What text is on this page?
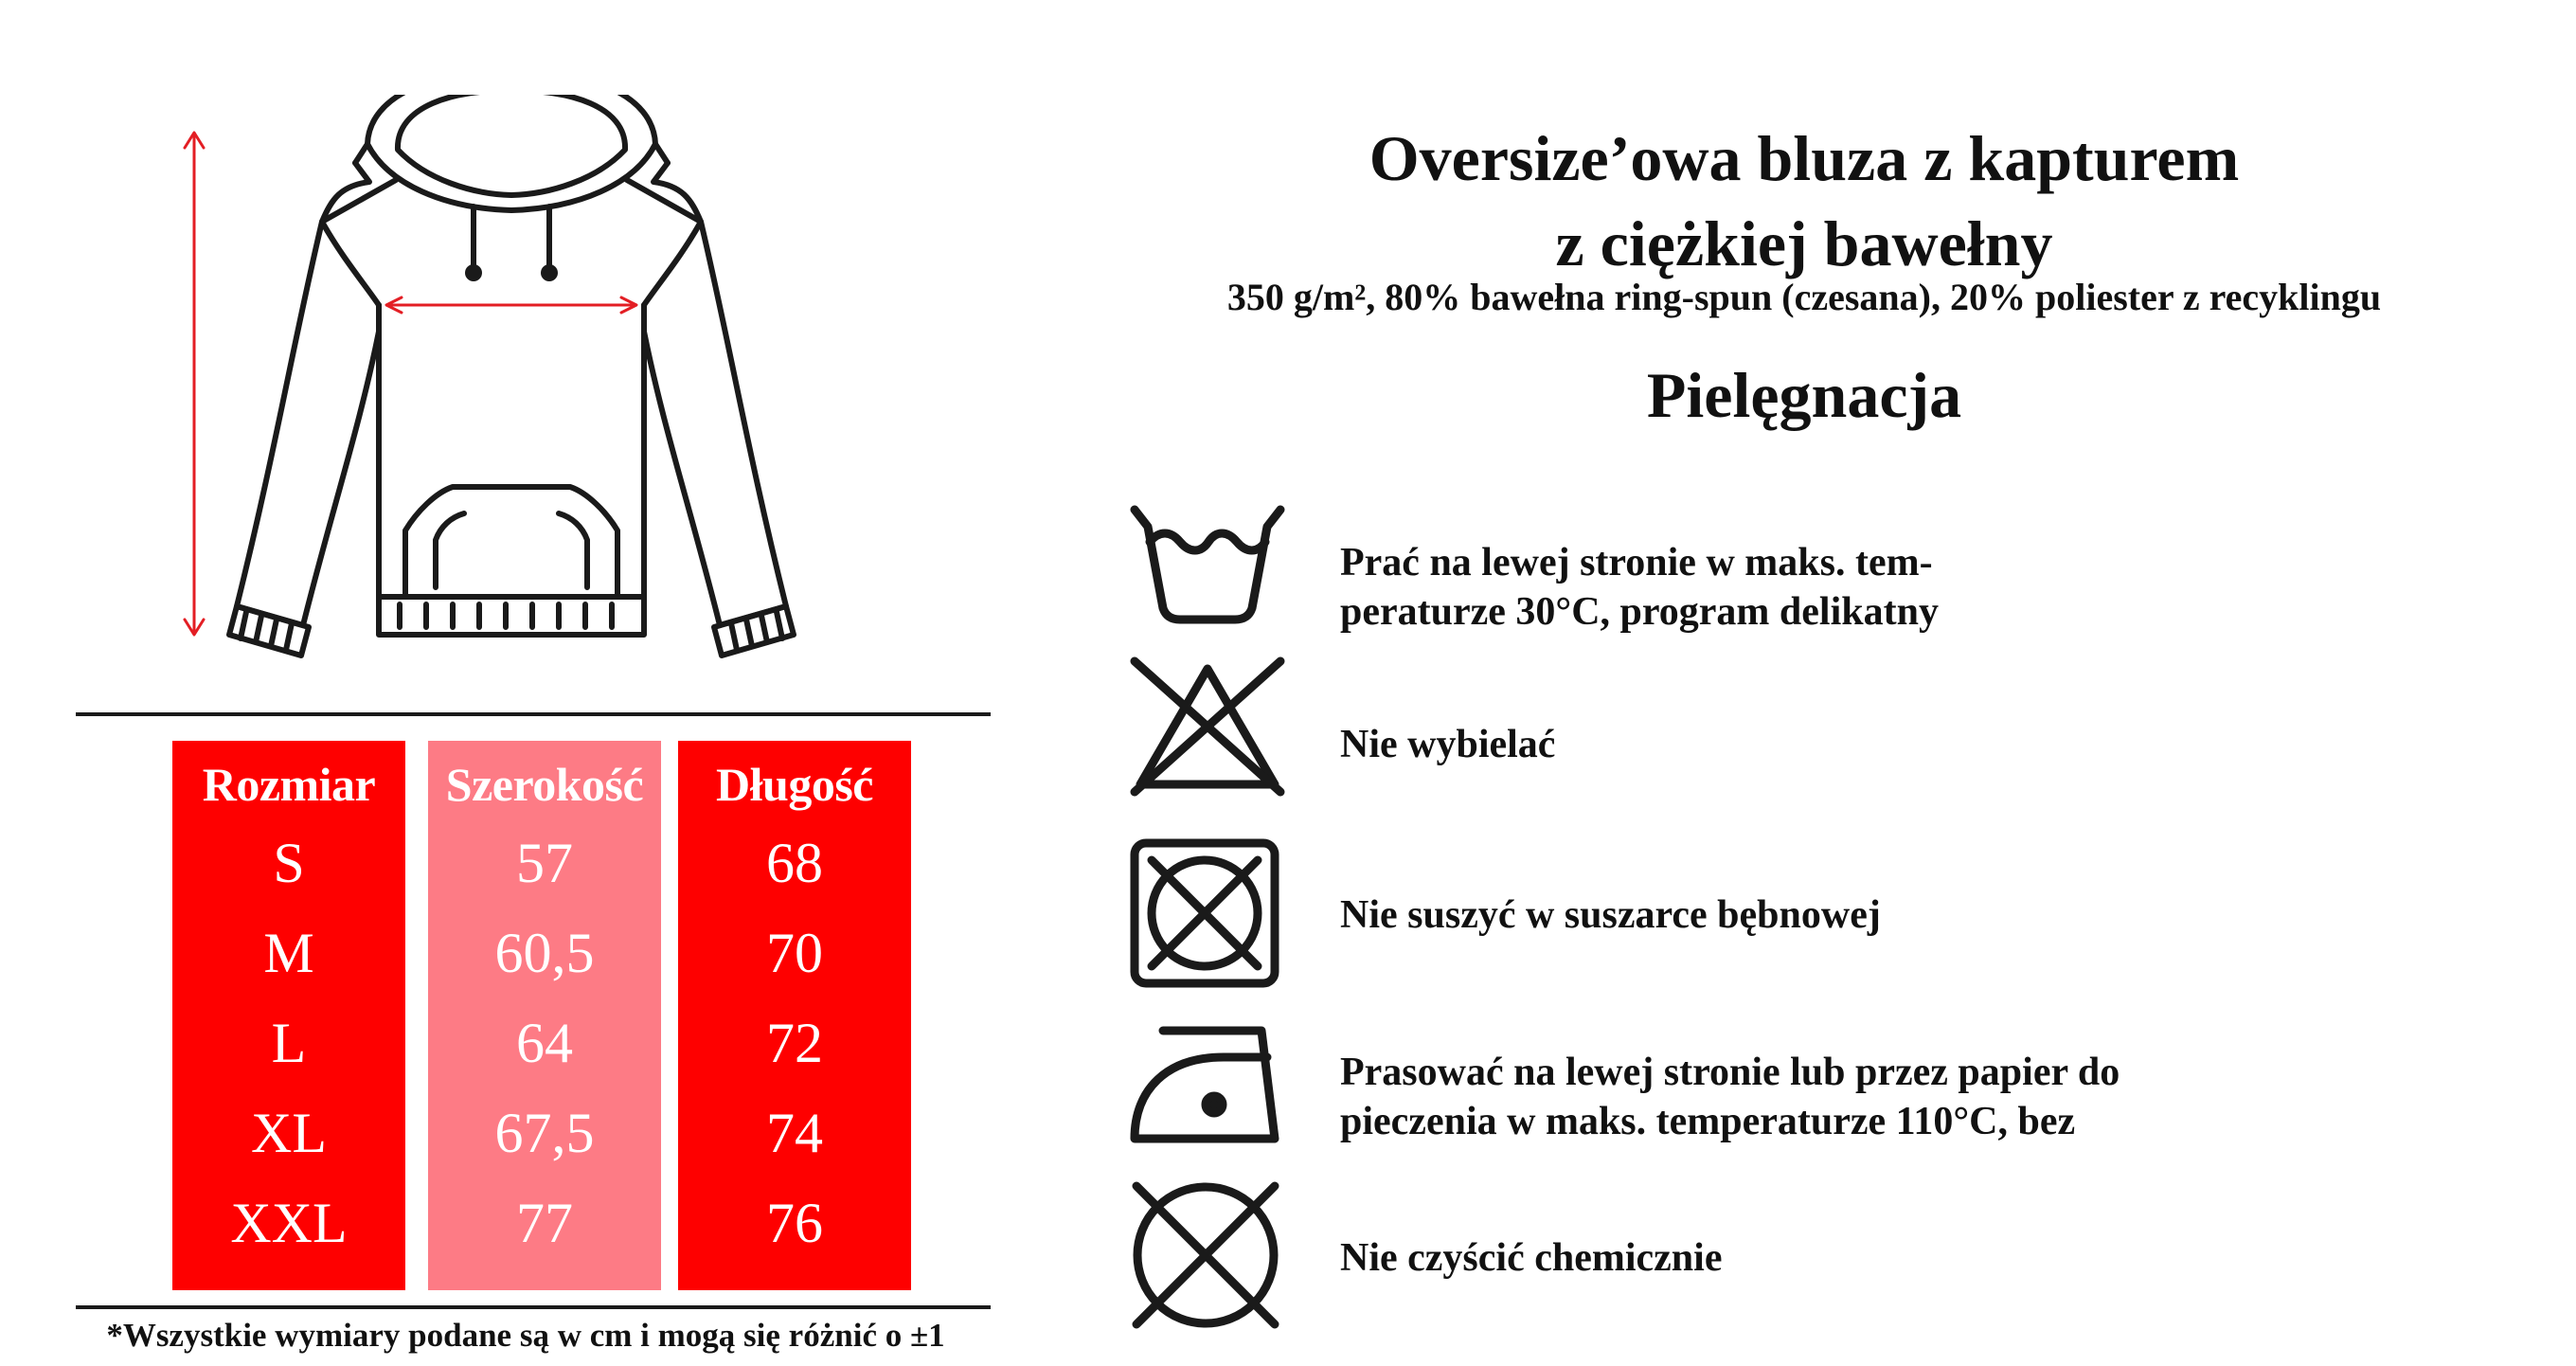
Rozmiar
S
M
L
XL
XXL
Szerokość
57
60,5
64
67,5
77
Długość
68
70
72
74
76
*Wszystkie wymiary podane są w cm i mogą się różnić o ±1
Oversize’owa bluza z kapturem
z ciężkiej bawełny
350 g/m², 80% bawełna ring-spun (czesana), 20% poliester z recyklingu
Pielęgnacja
Prać na lewej stronie w maks. tem-
peraturze 30°C, program delikatny
Nie wybielać
Nie suszyć w suszarce bębnowej
Prasować na lewej stronie lub przez papier do
pieczenia w maks. temperaturze 110°C, bez
Nie czyścić chemicznie
